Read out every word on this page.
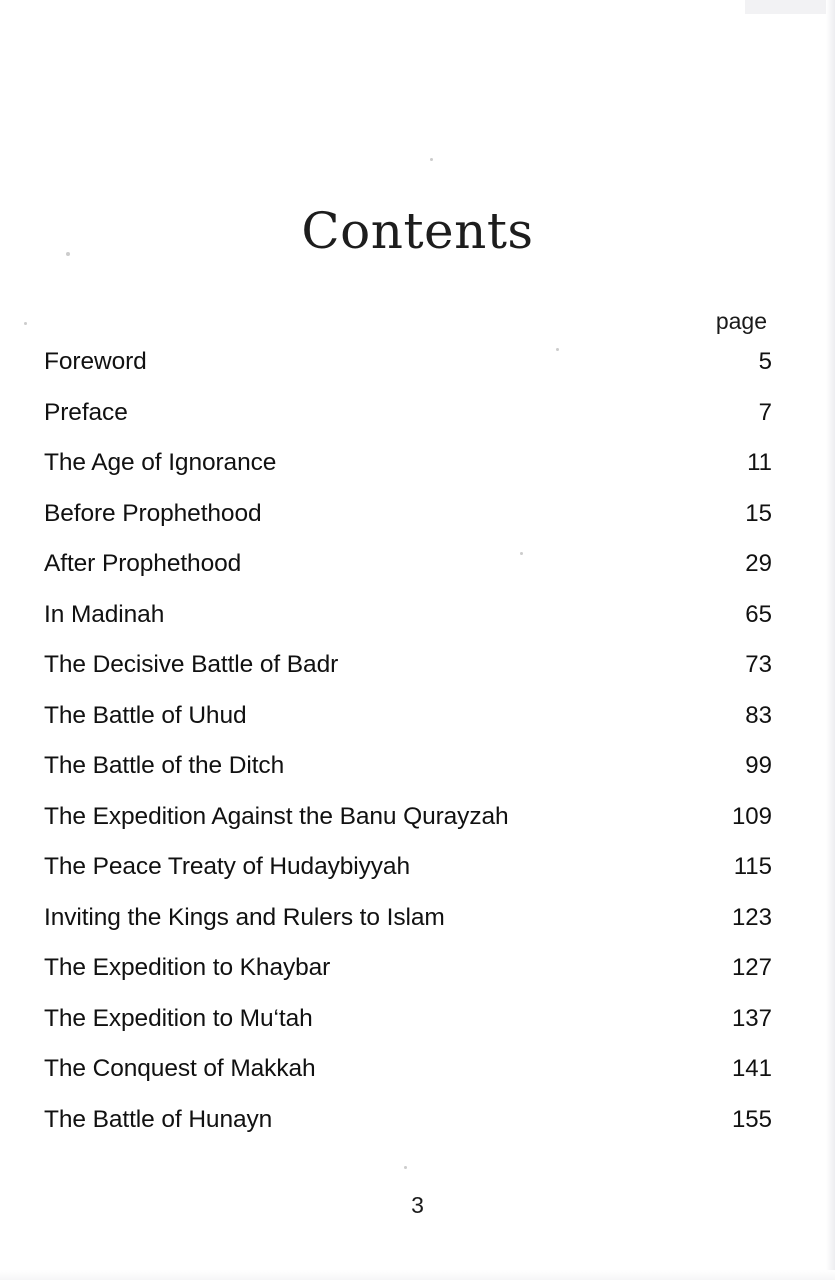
Contents
page
Foreword	5
Preface	7
The Age of Ignorance	11
Before Prophethood	15
After Prophethood	29
In Madinah	65
The Decisive Battle of Badr	73
The Battle of Uhud	83
The Battle of the Ditch	99
The Expedition Against the Banu Qurayzah	109
The Peace Treaty of Hudaybiyyah	115
Inviting the Kings and Rulers to Islam	123
The Expedition to Khaybar	127
The Expedition to Mu‘tah	137
The Conquest of Makkah	141
The Battle of Hunayn	155
3
